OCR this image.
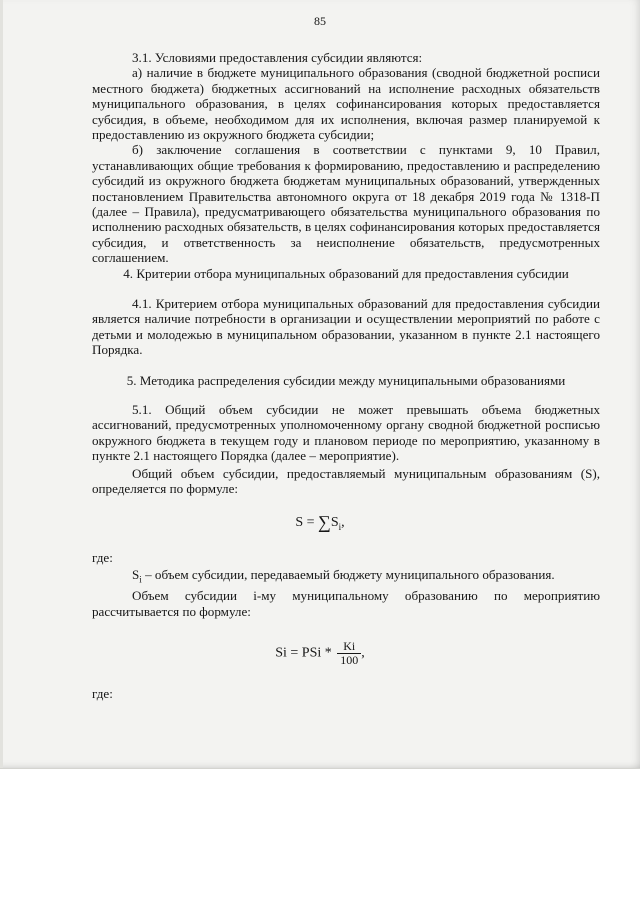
85

3.1. Условиями предоставления субсидии являются:

а) наличие в бюджете муниципального образования (сводной бюджетной росписи местного бюджета) бюджетных ассигнований на исполнение расходных обязательств муниципального образования, в целях софинансирования которых предоставляется субсидия, в объеме, необходимом для их исполнения, включая размер планируемой к предоставлению из окружного бюджета субсидии;

б) заключение соглашения в соответствии с пунктами 9, 10 Правил, устанавливающих общие требования к формированию, предоставлению и распределению субсидий из окружного бюджета бюджетам муниципальных образований, утвержденных постановлением Правительства автономного округа от 18 декабря 2019 года № 1318-П (далее – Правила), предусматривающего обязательства муниципального образования по исполнению расходных обязательств, в целях софинансирования которых предоставляется субсидия, и ответственность за неисполнение обязательств, предусмотренных соглашением.

4. Критерии отбора муниципальных образований для предоставления субсидии

4.1. Критерием отбора муниципальных образований для предоставления субсидии является наличие потребности в организации и осуществлении мероприятий по работе с детьми и молодежью в муниципальном образовании, указанном в пункте 2.1 настоящего Порядка.

5. Методика распределения субсидии между муниципальными образованиями

5.1. Общий объем субсидии не может превышать объема бюджетных ассигнований, предусмотренных уполномоченному органу сводной бюджетной росписью окружного бюджета в текущем году и плановом периоде по мероприятию, указанному в пункте 2.1 настоящего Порядка (далее – мероприятие).

Общий объем субсидии, предоставляемый муниципальным образованиям (S), определяется по формуле:

$S = \sum S_i$,

где:

$S_i$ – объем субсидии, передаваемый бюджету муниципального образования.

Объем субсидии i-му муниципальному образованию по мероприятию рассчитывается по формуле:

Si = PSi * $\frac{Ki}{100}$ ,

где:
